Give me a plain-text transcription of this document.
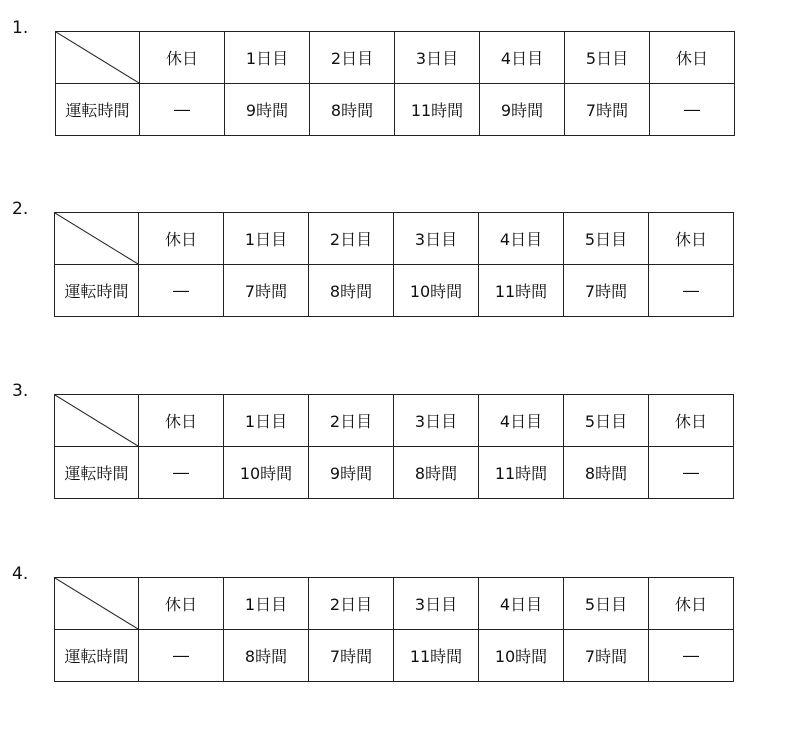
1.
	休日	1日目	2日目	3日目	4日目	5日目	休日
運転時間	―	9時間	8時間	11時間	9時間	7時間	―
2.
	休日	1日目	2日目	3日目	4日目	5日目	休日
運転時間	―	7時間	8時間	10時間	11時間	7時間	―
3.
	休日	1日目	2日目	3日目	4日目	5日目	休日
運転時間	―	10時間	9時間	8時間	11時間	8時間	―
4.
	休日	1日目	2日目	3日目	4日目	5日目	休日
運転時間	―	8時間	7時間	11時間	10時間	7時間	―
